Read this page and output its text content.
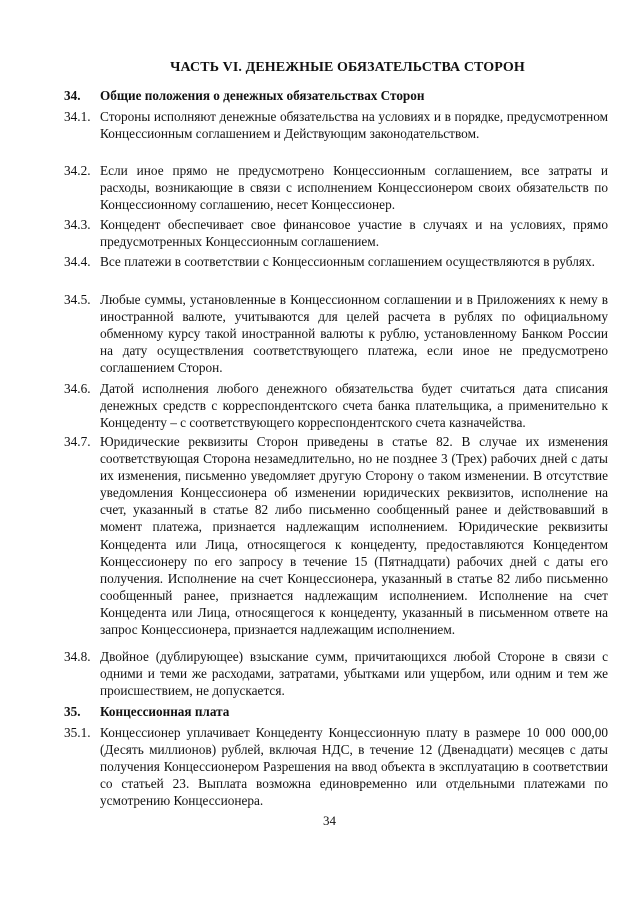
ЧАСТЬ VI. ДЕНЕЖНЫЕ ОБЯЗАТЕЛЬСТВА СТОРОН
34.	Общие положения о денежных обязательствах Сторон
34.1. Стороны исполняют денежные обязательства на условиях и в порядке, предусмотренном Концессионным соглашением и Действующим законодательством.
34.2. Если иное прямо не предусмотрено Концессионным соглашением, все затраты и расходы, возникающие в связи с исполнением Концессионером своих обязательств по Концессионному соглашению, несет Концессионер.
34.3. Концедент обеспечивает свое финансовое участие в случаях и на условиях, прямо предусмотренных Концессионным соглашением.
34.4. Все платежи в соответствии с Концессионным соглашением осуществляются в рублях.
34.5. Любые суммы, установленные в Концессионном соглашении и в Приложениях к нему в иностранной валюте, учитываются для целей расчета в рублях по официальному обменному курсу такой иностранной валюты к рублю, установленному Банком России на дату осуществления соответствующего платежа, если иное не предусмотрено соглашением Сторон.
34.6. Датой исполнения любого денежного обязательства будет считаться дата списания денежных средств с корреспондентского счета банка плательщика, а применительно к Концеденту – с соответствующего корреспондентского счета казначейства.
34.7. Юридические реквизиты Сторон приведены в статье 82. В случае их изменения соответствующая Сторона незамедлительно, но не позднее 3 (Трех) рабочих дней с даты их изменения, письменно уведомляет другую Сторону о таком изменении. В отсутствие уведомления Концессионера об изменении юридических реквизитов, исполнение на счет, указанный в статье 82 либо письменно сообщенный ранее и действовавший в момент платежа, признается надлежащим исполнением. Юридические реквизиты Концедента или Лица, относящегося к концеденту, предоставляются Концедентом Концессионеру по его запросу в течение 15 (Пятнадцати) рабочих дней с даты его получения. Исполнение на счет Концессионера, указанный в статье 82 либо письменно сообщенный ранее, признается надлежащим исполнением. Исполнение на счет Концедента или Лица, относящегося к концеденту, указанный в письменном ответе на запрос Концессионера, признается надлежащим исполнением.
34.8. Двойное (дублирующее) взыскание сумм, причитающихся любой Стороне в связи с одними и теми же расходами, затратами, убытками или ущербом, или одним и тем же происшествием, не допускается.
35.	Концессионная плата
35.1. Концессионер уплачивает Концеденту Концессионную плату в размере 10 000 000,00 (Десять миллионов) рублей, включая НДС, в течение 12 (Двенадцати) месяцев с даты получения Концессионером Разрешения на ввод объекта в эксплуатацию в соответствии со статьей 23. Выплата возможна единовременно или отдельными платежами по усмотрению Концессионера.
34
